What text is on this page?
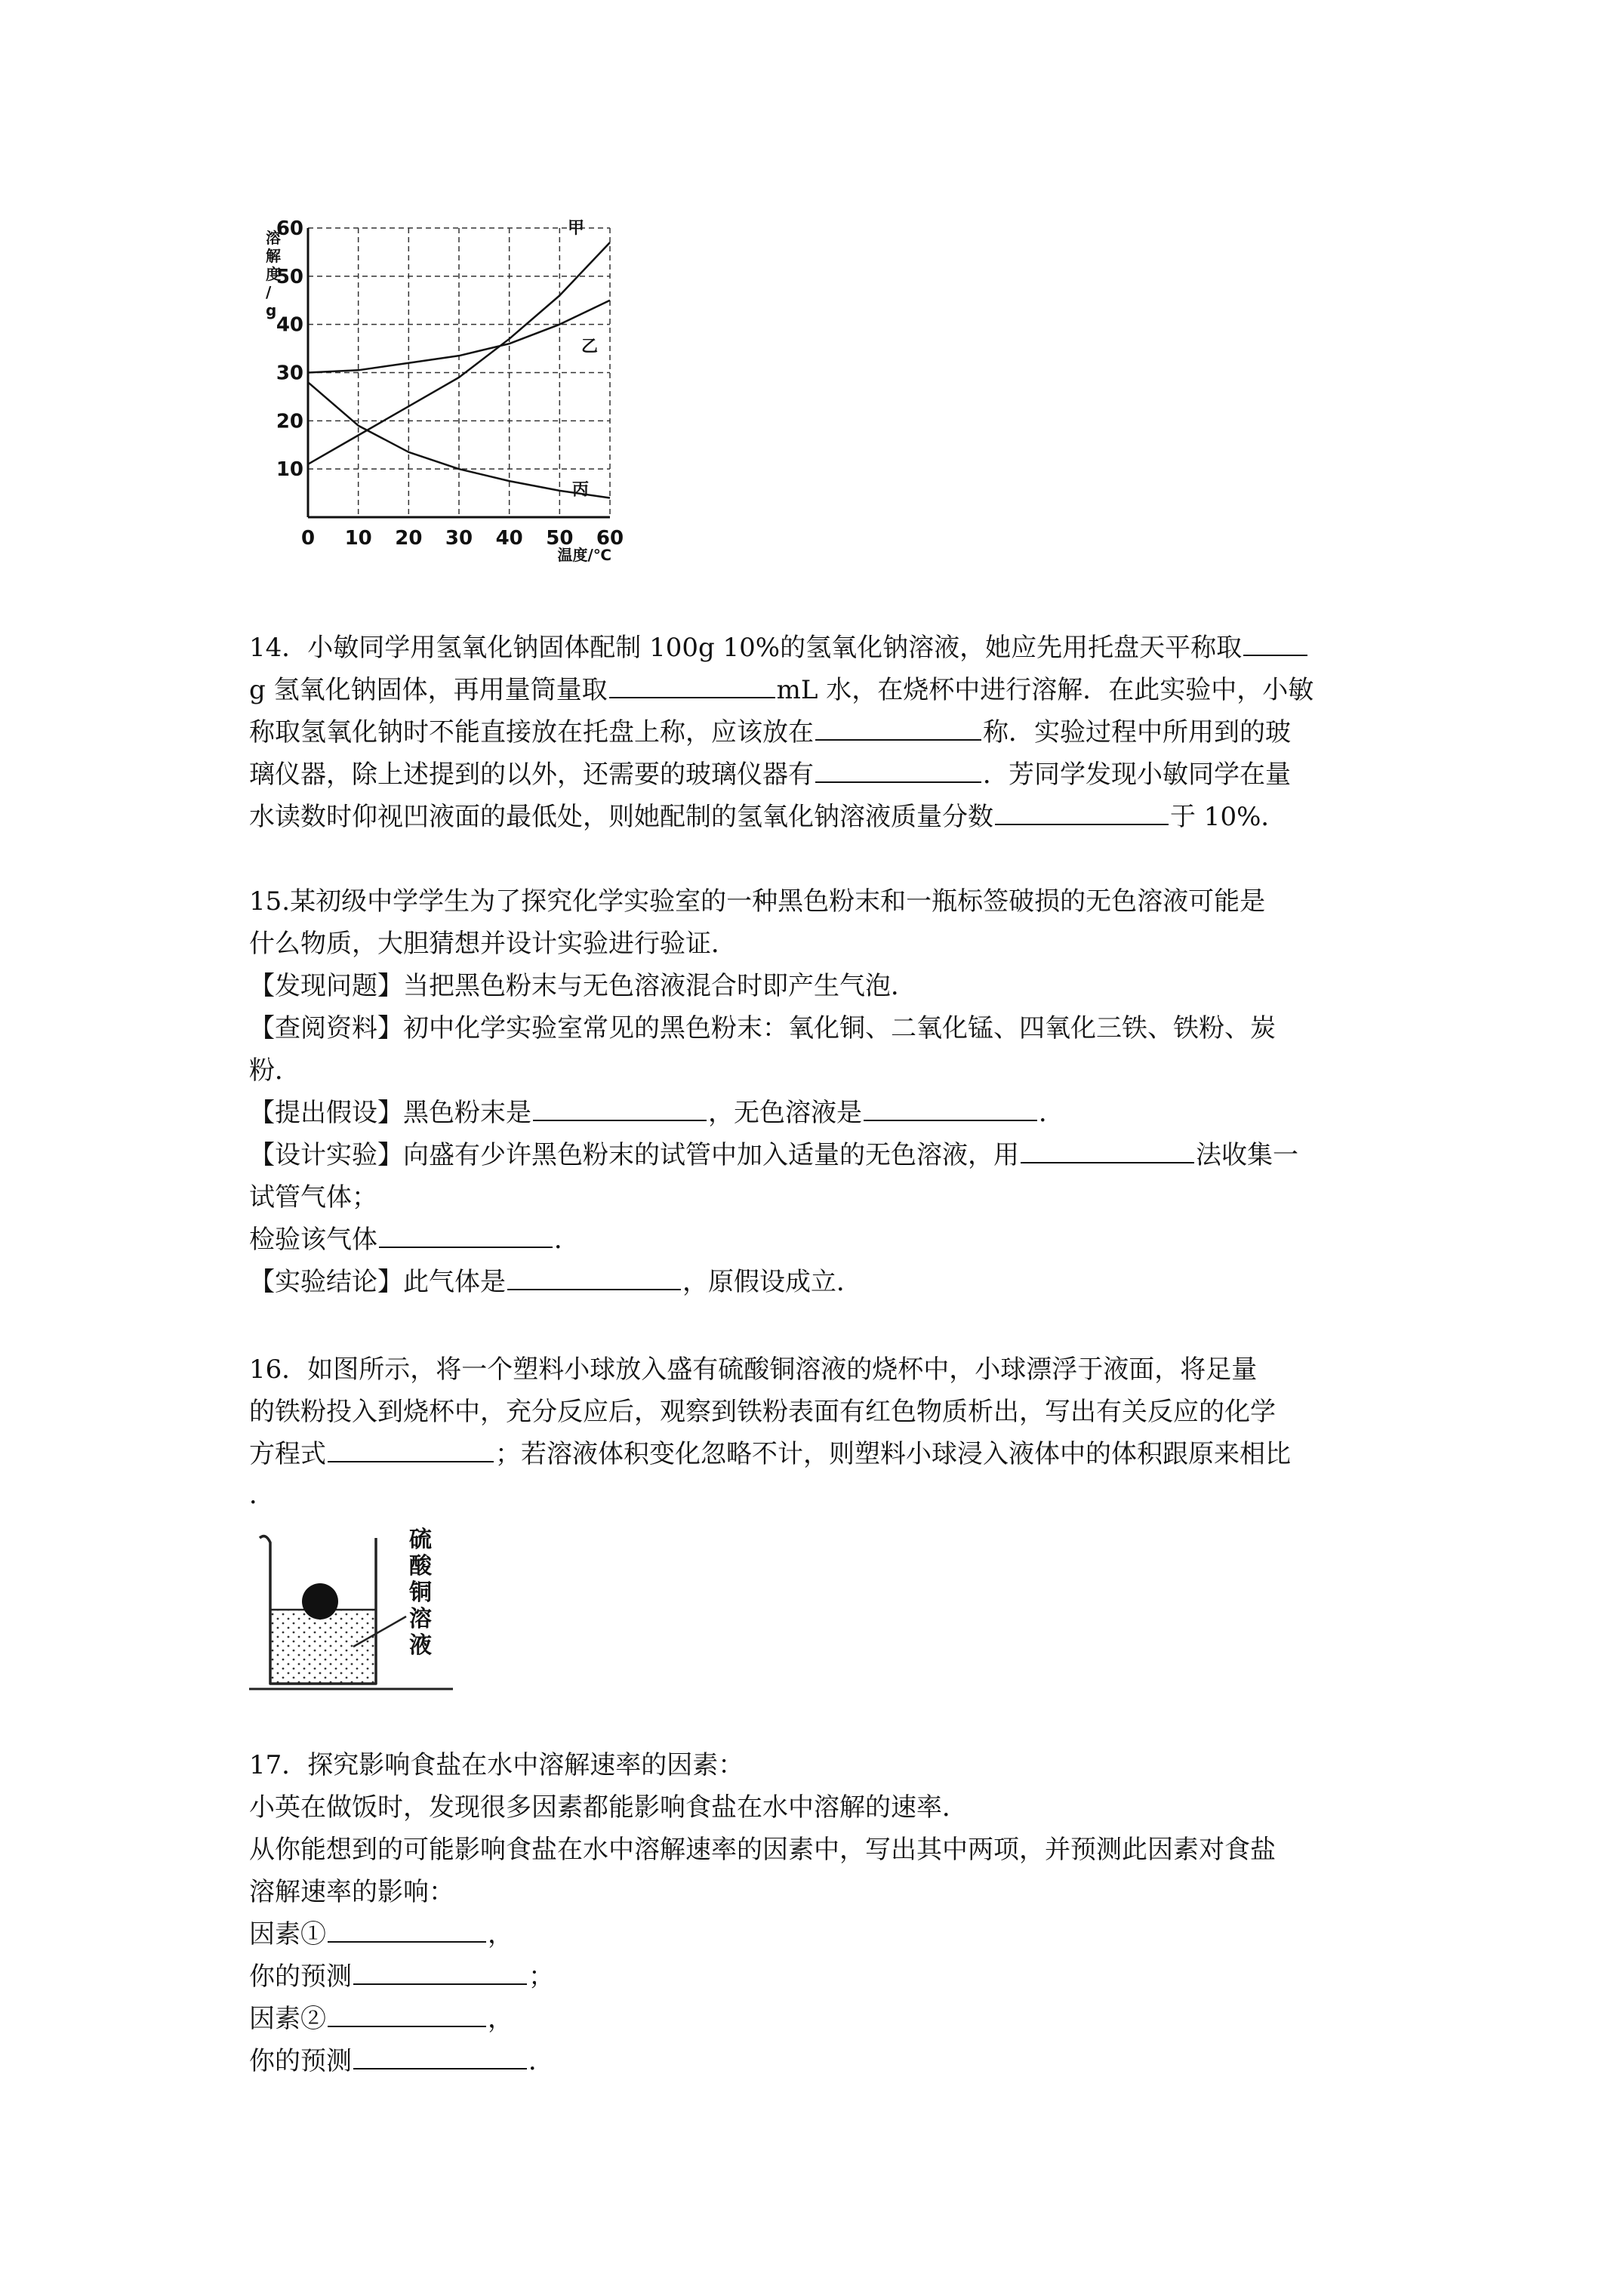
0 10 20 30 40 50 60
10
20
30
40
50
60	甲
乙
丙
溶解度/ g
温度/℃
14．小敏同学用氢氧化钠固体配制 100g 10%的氢氧化钠溶液，她应先用托盘天平称取
g 氢氧化钠固体，再用量筒量取	mL 水，在烧杯中进行溶解．在此实验中，小敏
称取氢氧化钠时不能直接放在托盘上称，应该放在	称．实验过程中所用到的玻
璃仪器，除上述提到的以外，还需要的玻璃仪器有	．芳同学发现小敏同学在量
水读数时仰视凹液面的最低处，则她配制的氢氧化钠溶液质量分数	于 10%．
15.某初级中学学生为了探究化学实验室的一种黑色粉末和一瓶标签破损的无色溶液可能是
什么物质，大胆猜想并设计实验进行验证．
【发现问题】当把黑色粉末与无色溶液混合时即产生气泡．
【查阅资料】初中化学实验室常见的黑色粉末：氧化铜、二氧化锰、四氧化三铁、铁粉、炭
粉．
【提出假设】黑色粉末是	，无色溶液是	．
【设计实验】向盛有少许黑色粉末的试管中加入适量的无色溶液，用	法收集一
试管气体；
检验该气体	．
【实验结论】此气体是	，原假设成立．
16．如图所示，将一个塑料小球放入盛有硫酸铜溶液的烧杯中，小球漂浮于液面，将足量
的铁粉投入到烧杯中，充分反应后，观察到铁粉表面有红色物质析出，写出有关反应的化学
方程式	；若溶液体积变化忽略不计，则塑料小球浸入液体中的体积跟原来相比
．
硫
酸
铜
溶
液
17．探究影响食盐在水中溶解速率的因素：
小英在做饭时，发现很多因素都能影响食盐在水中溶解的速率．
从你能想到的可能影响食盐在水中溶解速率的因素中，写出其中两项，并预测此因素对食盐
溶解速率的影响：
因素①	，
你的预测	；
因素②	，
你的预测	．
